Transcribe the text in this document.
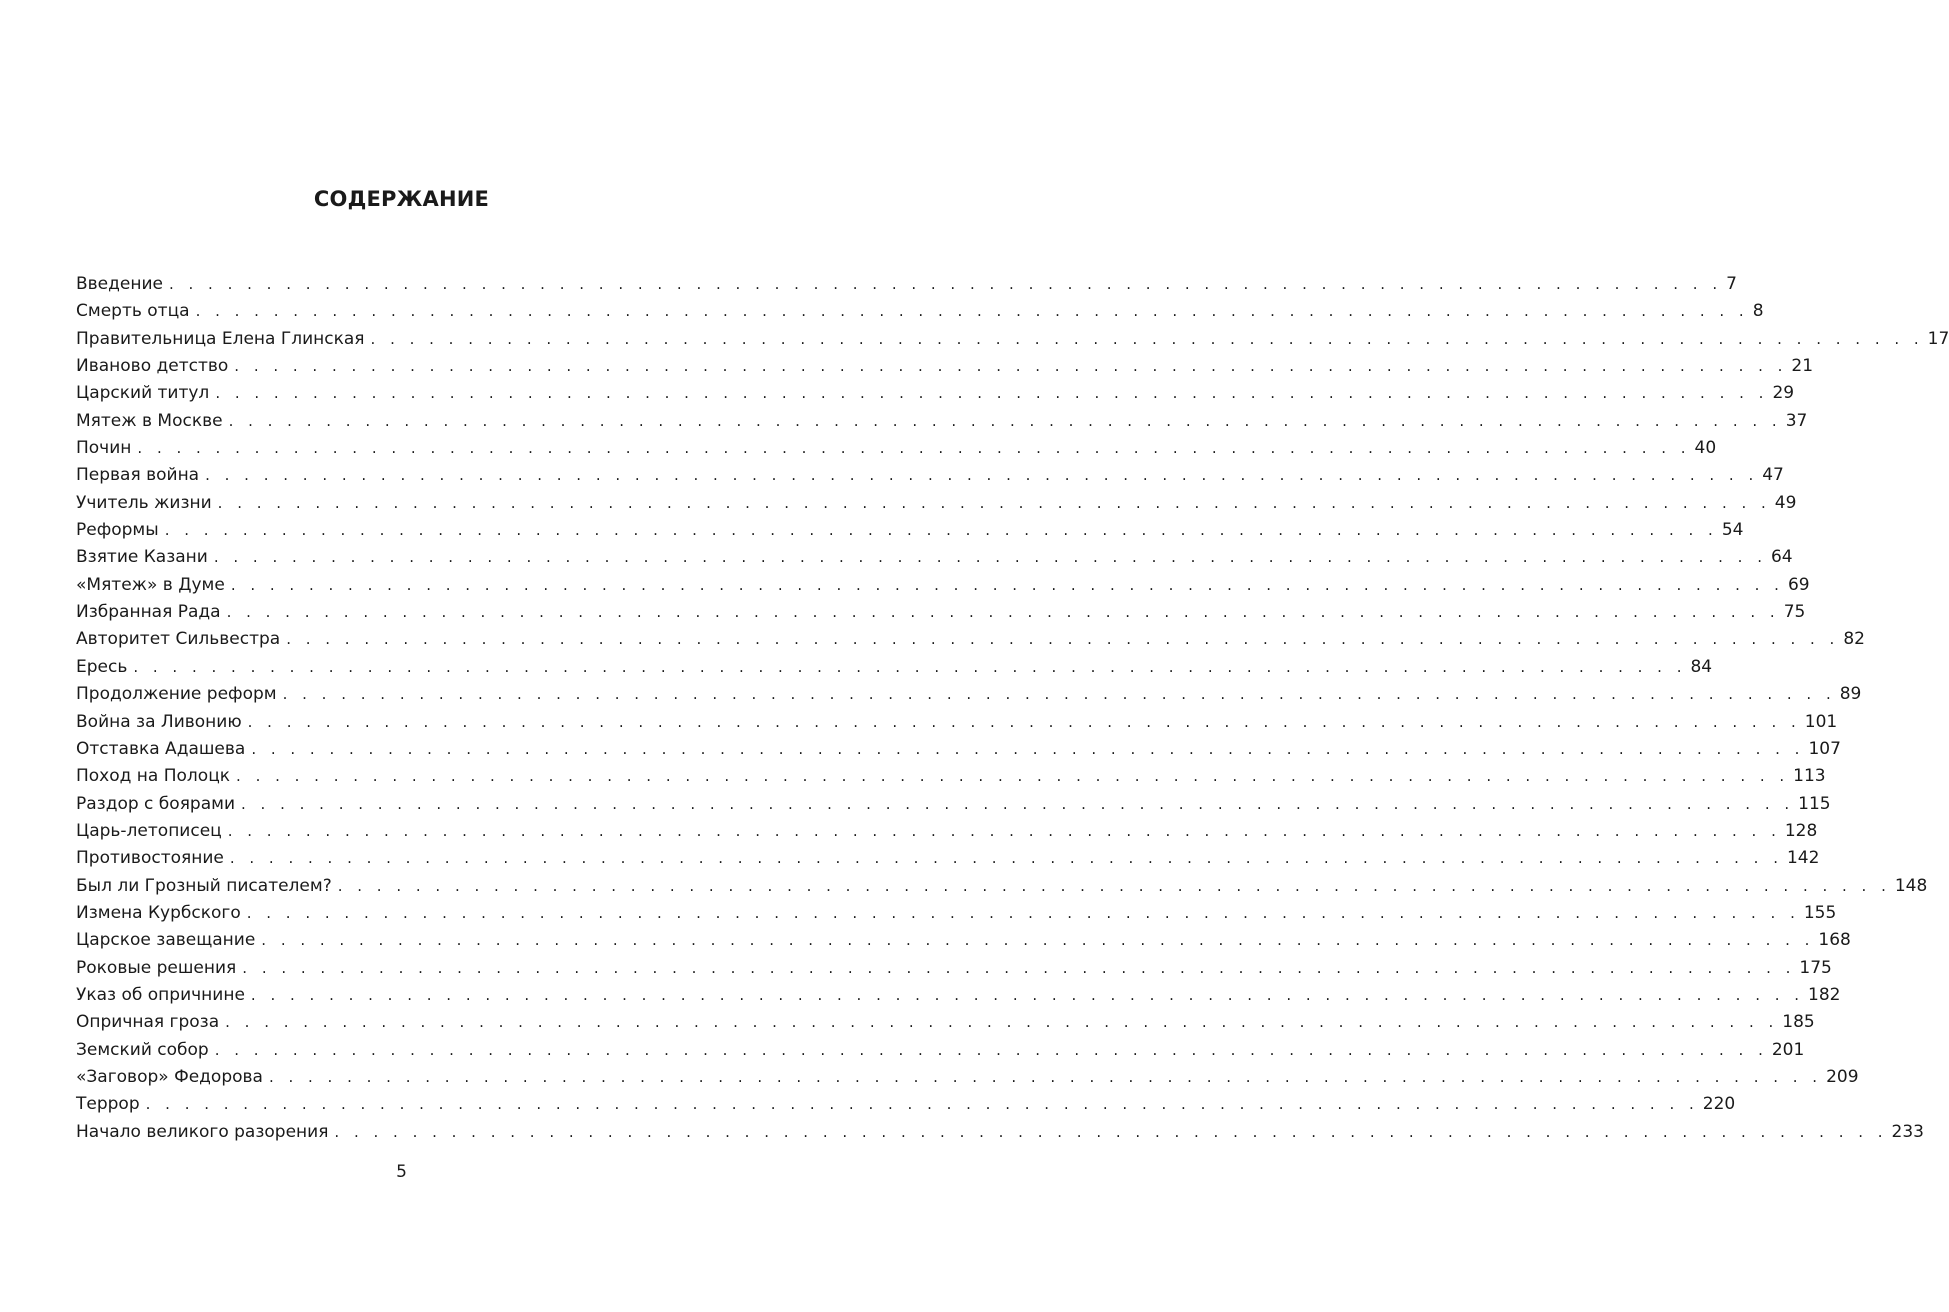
СОДЕРЖАНИЕ
Введение . . . . . . . . . . . . . . . . . . . . . . . . . . . . . . . . . . . . . . . . . . . . . . . . . . . . . . . . . . . . . . . . . . . . . . . . . . . . . . . . 7
Смерть отца . . . . . . . . . . . . . . . . . . . . . . . . . . . . . . . . . . . . . . . . . . . . . . . . . . . . . . . . . . . . . . . . . . . . . . . . . . . . . . . . 8
Правительница Елена Глинская . . . . . . . . . . . . . . . . . . . . . . . . . . . . . . . . . . . . . . . . . . . . . . . . . . . . . . . . . . . . . . . . . . . . . . . . . . . . . . . . 17
Иваново детство . . . . . . . . . . . . . . . . . . . . . . . . . . . . . . . . . . . . . . . . . . . . . . . . . . . . . . . . . . . . . . . . . . . . . . . . . . . . . . . . 21
Царский титул . . . . . . . . . . . . . . . . . . . . . . . . . . . . . . . . . . . . . . . . . . . . . . . . . . . . . . . . . . . . . . . . . . . . . . . . . . . . . . . . 29
Мятеж в Москве . . . . . . . . . . . . . . . . . . . . . . . . . . . . . . . . . . . . . . . . . . . . . . . . . . . . . . . . . . . . . . . . . . . . . . . . . . . . . . . . 37
Почин . . . . . . . . . . . . . . . . . . . . . . . . . . . . . . . . . . . . . . . . . . . . . . . . . . . . . . . . . . . . . . . . . . . . . . . . . . . . . . . . 40
Первая война . . . . . . . . . . . . . . . . . . . . . . . . . . . . . . . . . . . . . . . . . . . . . . . . . . . . . . . . . . . . . . . . . . . . . . . . . . . . . . . . 47
Учитель жизни . . . . . . . . . . . . . . . . . . . . . . . . . . . . . . . . . . . . . . . . . . . . . . . . . . . . . . . . . . . . . . . . . . . . . . . . . . . . . . . . 49
Реформы . . . . . . . . . . . . . . . . . . . . . . . . . . . . . . . . . . . . . . . . . . . . . . . . . . . . . . . . . . . . . . . . . . . . . . . . . . . . . . . . 54
Взятие Казани . . . . . . . . . . . . . . . . . . . . . . . . . . . . . . . . . . . . . . . . . . . . . . . . . . . . . . . . . . . . . . . . . . . . . . . . . . . . . . . . 64
«Мятеж» в Думе . . . . . . . . . . . . . . . . . . . . . . . . . . . . . . . . . . . . . . . . . . . . . . . . . . . . . . . . . . . . . . . . . . . . . . . . . . . . . . . . 69
Избранная Рада . . . . . . . . . . . . . . . . . . . . . . . . . . . . . . . . . . . . . . . . . . . . . . . . . . . . . . . . . . . . . . . . . . . . . . . . . . . . . . . . 75
Авторитет Сильвестра . . . . . . . . . . . . . . . . . . . . . . . . . . . . . . . . . . . . . . . . . . . . . . . . . . . . . . . . . . . . . . . . . . . . . . . . . . . . . . . . 82
Ересь . . . . . . . . . . . . . . . . . . . . . . . . . . . . . . . . . . . . . . . . . . . . . . . . . . . . . . . . . . . . . . . . . . . . . . . . . . . . . . . . 84
Продолжение реформ . . . . . . . . . . . . . . . . . . . . . . . . . . . . . . . . . . . . . . . . . . . . . . . . . . . . . . . . . . . . . . . . . . . . . . . . . . . . . . . . 89
Война за Ливонию . . . . . . . . . . . . . . . . . . . . . . . . . . . . . . . . . . . . . . . . . . . . . . . . . . . . . . . . . . . . . . . . . . . . . . . . . . . . . . . . 101
Отставка Адашева . . . . . . . . . . . . . . . . . . . . . . . . . . . . . . . . . . . . . . . . . . . . . . . . . . . . . . . . . . . . . . . . . . . . . . . . . . . . . . . . 107
Поход на Полоцк . . . . . . . . . . . . . . . . . . . . . . . . . . . . . . . . . . . . . . . . . . . . . . . . . . . . . . . . . . . . . . . . . . . . . . . . . . . . . . . . 113
Раздор с боярами . . . . . . . . . . . . . . . . . . . . . . . . . . . . . . . . . . . . . . . . . . . . . . . . . . . . . . . . . . . . . . . . . . . . . . . . . . . . . . . . 115
Царь-летописец . . . . . . . . . . . . . . . . . . . . . . . . . . . . . . . . . . . . . . . . . . . . . . . . . . . . . . . . . . . . . . . . . . . . . . . . . . . . . . . . 128
Противостояние . . . . . . . . . . . . . . . . . . . . . . . . . . . . . . . . . . . . . . . . . . . . . . . . . . . . . . . . . . . . . . . . . . . . . . . . . . . . . . . . 142
Был ли Грозный писателем? . . . . . . . . . . . . . . . . . . . . . . . . . . . . . . . . . . . . . . . . . . . . . . . . . . . . . . . . . . . . . . . . . . . . . . . . . . . . . . . . 148
Измена Курбского . . . . . . . . . . . . . . . . . . . . . . . . . . . . . . . . . . . . . . . . . . . . . . . . . . . . . . . . . . . . . . . . . . . . . . . . . . . . . . . . 155
Царское завещание . . . . . . . . . . . . . . . . . . . . . . . . . . . . . . . . . . . . . . . . . . . . . . . . . . . . . . . . . . . . . . . . . . . . . . . . . . . . . . . . 168
Роковые решения . . . . . . . . . . . . . . . . . . . . . . . . . . . . . . . . . . . . . . . . . . . . . . . . . . . . . . . . . . . . . . . . . . . . . . . . . . . . . . . . 175
Указ об опричнине . . . . . . . . . . . . . . . . . . . . . . . . . . . . . . . . . . . . . . . . . . . . . . . . . . . . . . . . . . . . . . . . . . . . . . . . . . . . . . . . 182
Опричная гроза . . . . . . . . . . . . . . . . . . . . . . . . . . . . . . . . . . . . . . . . . . . . . . . . . . . . . . . . . . . . . . . . . . . . . . . . . . . . . . . . 185
Земский собор . . . . . . . . . . . . . . . . . . . . . . . . . . . . . . . . . . . . . . . . . . . . . . . . . . . . . . . . . . . . . . . . . . . . . . . . . . . . . . . . 201
«Заговор» Федорова . . . . . . . . . . . . . . . . . . . . . . . . . . . . . . . . . . . . . . . . . . . . . . . . . . . . . . . . . . . . . . . . . . . . . . . . . . . . . . . . 209
Террор . . . . . . . . . . . . . . . . . . . . . . . . . . . . . . . . . . . . . . . . . . . . . . . . . . . . . . . . . . . . . . . . . . . . . . . . . . . . . . . . 220
Начало великого разорения . . . . . . . . . . . . . . . . . . . . . . . . . . . . . . . . . . . . . . . . . . . . . . . . . . . . . . . . . . . . . . . . . . . . . . . . . . . . . . . . 233
5
